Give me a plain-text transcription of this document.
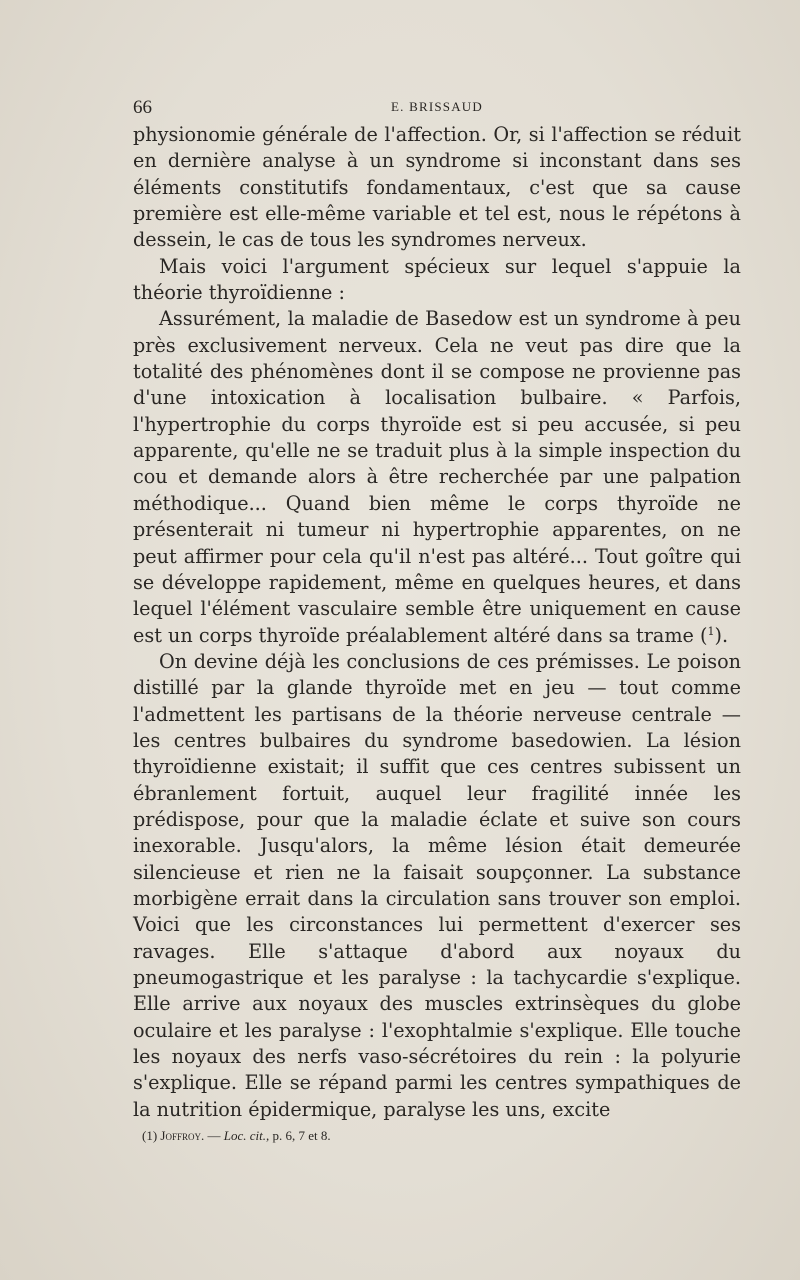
66	E. BRISSAUD

physionomie générale de l'affection. Or, si l'affection se réduit en dernière analyse à un syndrome si inconstant dans ses éléments constitutifs fondamentaux, c'est que sa cause première est elle-même variable et tel est, nous le répétons à dessein, le cas de tous les syndromes nerveux.

Mais voici l'argument spécieux sur lequel s'appuie la théorie thyroïdienne :

Assurément, la maladie de Basedow est un syndrome à peu près exclusivement nerveux. Cela ne veut pas dire que la totalité des phénomènes dont il se compose ne provienne pas d'une intoxication à localisation bulbaire. « Parfois, l'hypertrophie du corps thyroïde est si peu accusée, si peu apparente, qu'elle ne se traduit plus à la simple inspection du cou et demande alors à être recherchée par une palpation méthodique... Quand bien même le corps thyroïde ne présenterait ni tumeur ni hypertrophie apparentes, on ne peut affirmer pour cela qu'il n'est pas altéré... Tout goître qui se développe rapidement, même en quelques heures, et dans lequel l'élément vasculaire semble être uniquement en cause est un corps thyroïde préalablement altéré dans sa trame ($^1$).

On devine déjà les conclusions de ces prémisses. Le poison distillé par la glande thyroïde met en jeu — tout comme l'admettent les partisans de la théorie nerveuse centrale — les centres bulbaires du syndrome basedowien. La lésion thyroïdienne existait; il suffit que ces centres subissent un ébranlement fortuit, auquel leur fragilité innée les prédispose, pour que la maladie éclate et suive son cours inexorable. Jusqu'alors, la même lésion était demeurée silencieuse et rien ne la faisait soupçonner. La substance morbigène errait dans la circulation sans trouver son emploi. Voici que les circonstances lui permettent d'exercer ses ravages. Elle s'attaque d'abord aux noyaux du pneumogastrique et les paralyse : la tachycardie s'explique. Elle arrive aux noyaux des muscles extrinsèques du globe oculaire et les paralyse : l'exophtalmie s'explique. Elle touche les noyaux des nerfs vaso-sécrétoires du rein : la polyurie s'explique. Elle se répand parmi les centres sympathiques de la nutrition épidermique, paralyse les uns, excite

(1) Joffroy. — Loc. cit., p. 6, 7 et 8.
